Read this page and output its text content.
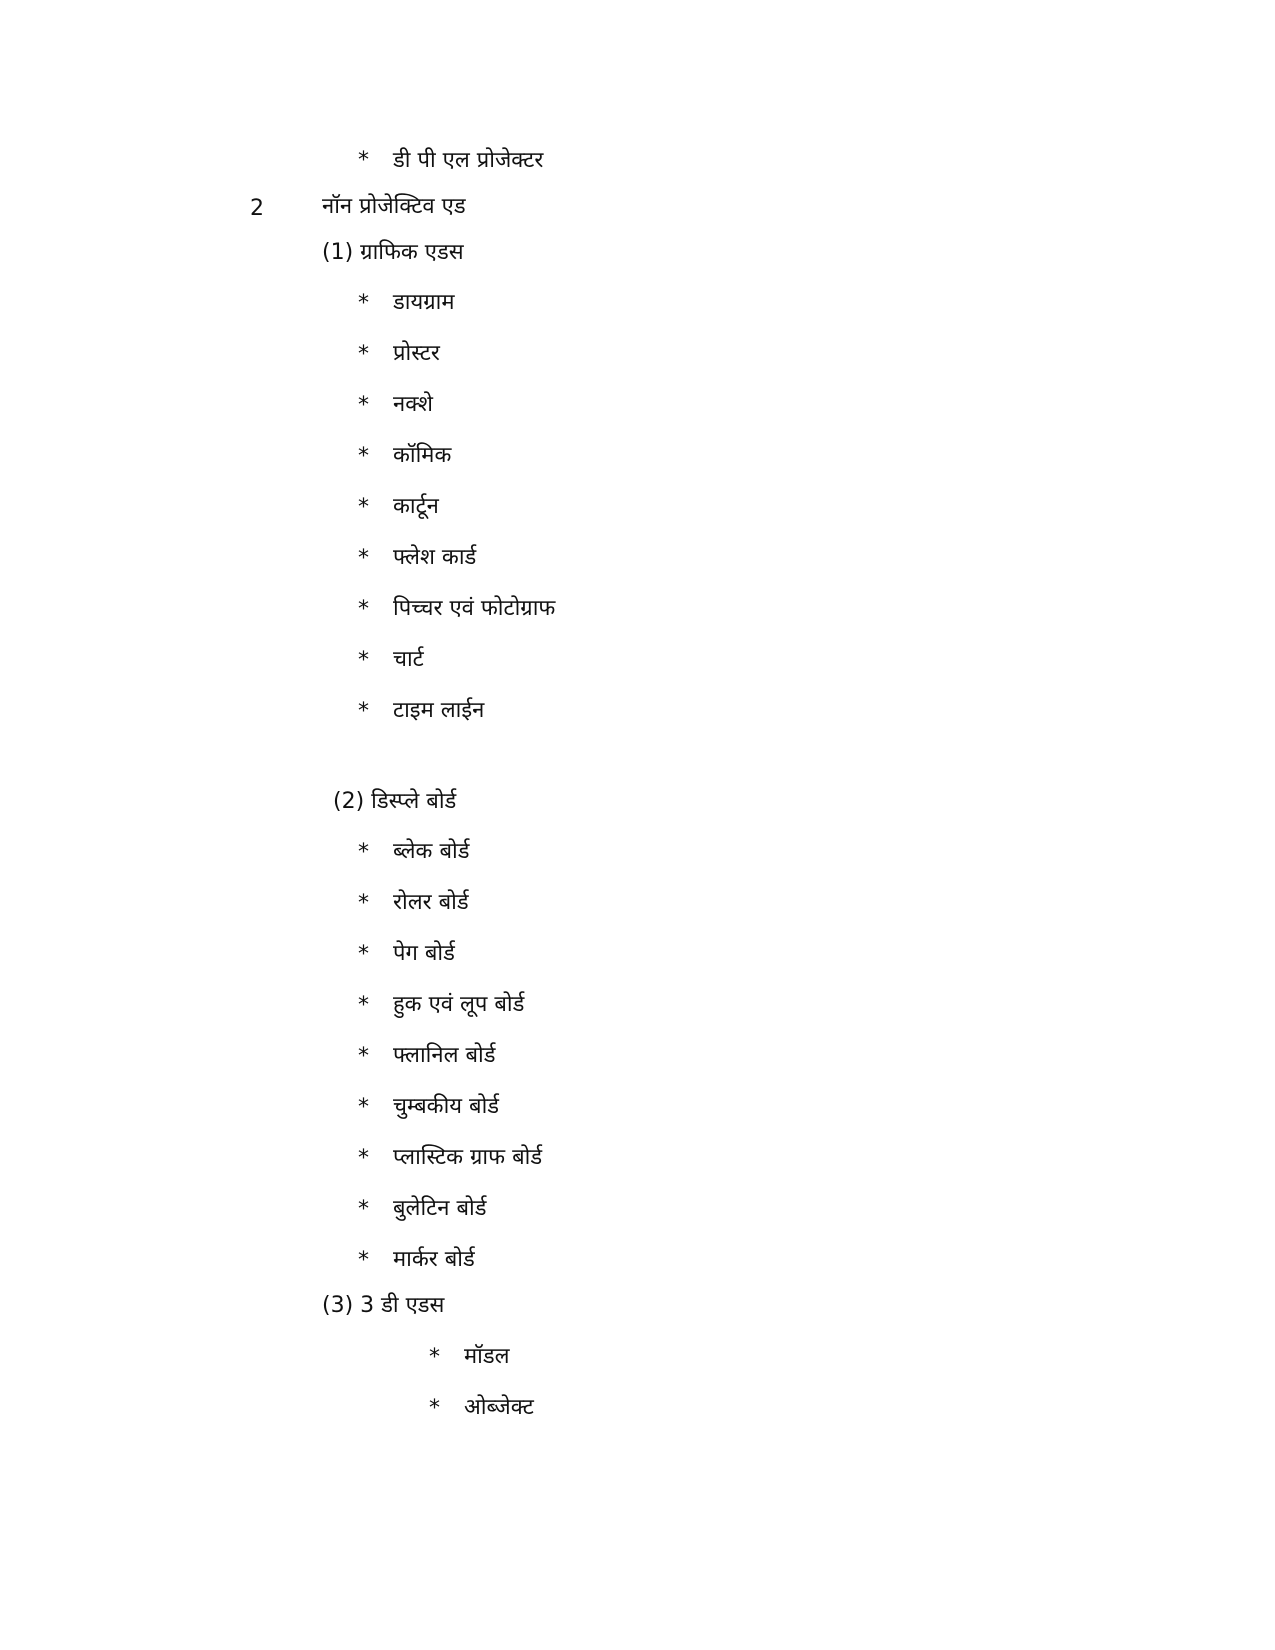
* डी पी एल प्रोजेक्टर
2	नॉन प्रोजेक्टिव एड
(1) ग्राफिक एडस
* डायग्राम
* प्रोस्टर
* नक्शे
* कॉमिक
* कार्टून
* फ्लेश कार्ड
* पिच्चर एवं फोटोग्राफ
* चार्ट
* टाइम लाईन
(2) डिस्प्ले बोर्ड
* ब्लेक बोर्ड
* रोलर बोर्ड
* पेग बोर्ड
* हुक एवं लूप बोर्ड
* फ्लानिल बोर्ड
* चुम्बकीय बोर्ड
* प्लास्टिक ग्राफ बोर्ड
* बुलेटिन बोर्ड
* मार्कर बोर्ड
(3) 3 डी एडस
* मॉडल
* ओब्जेक्ट
